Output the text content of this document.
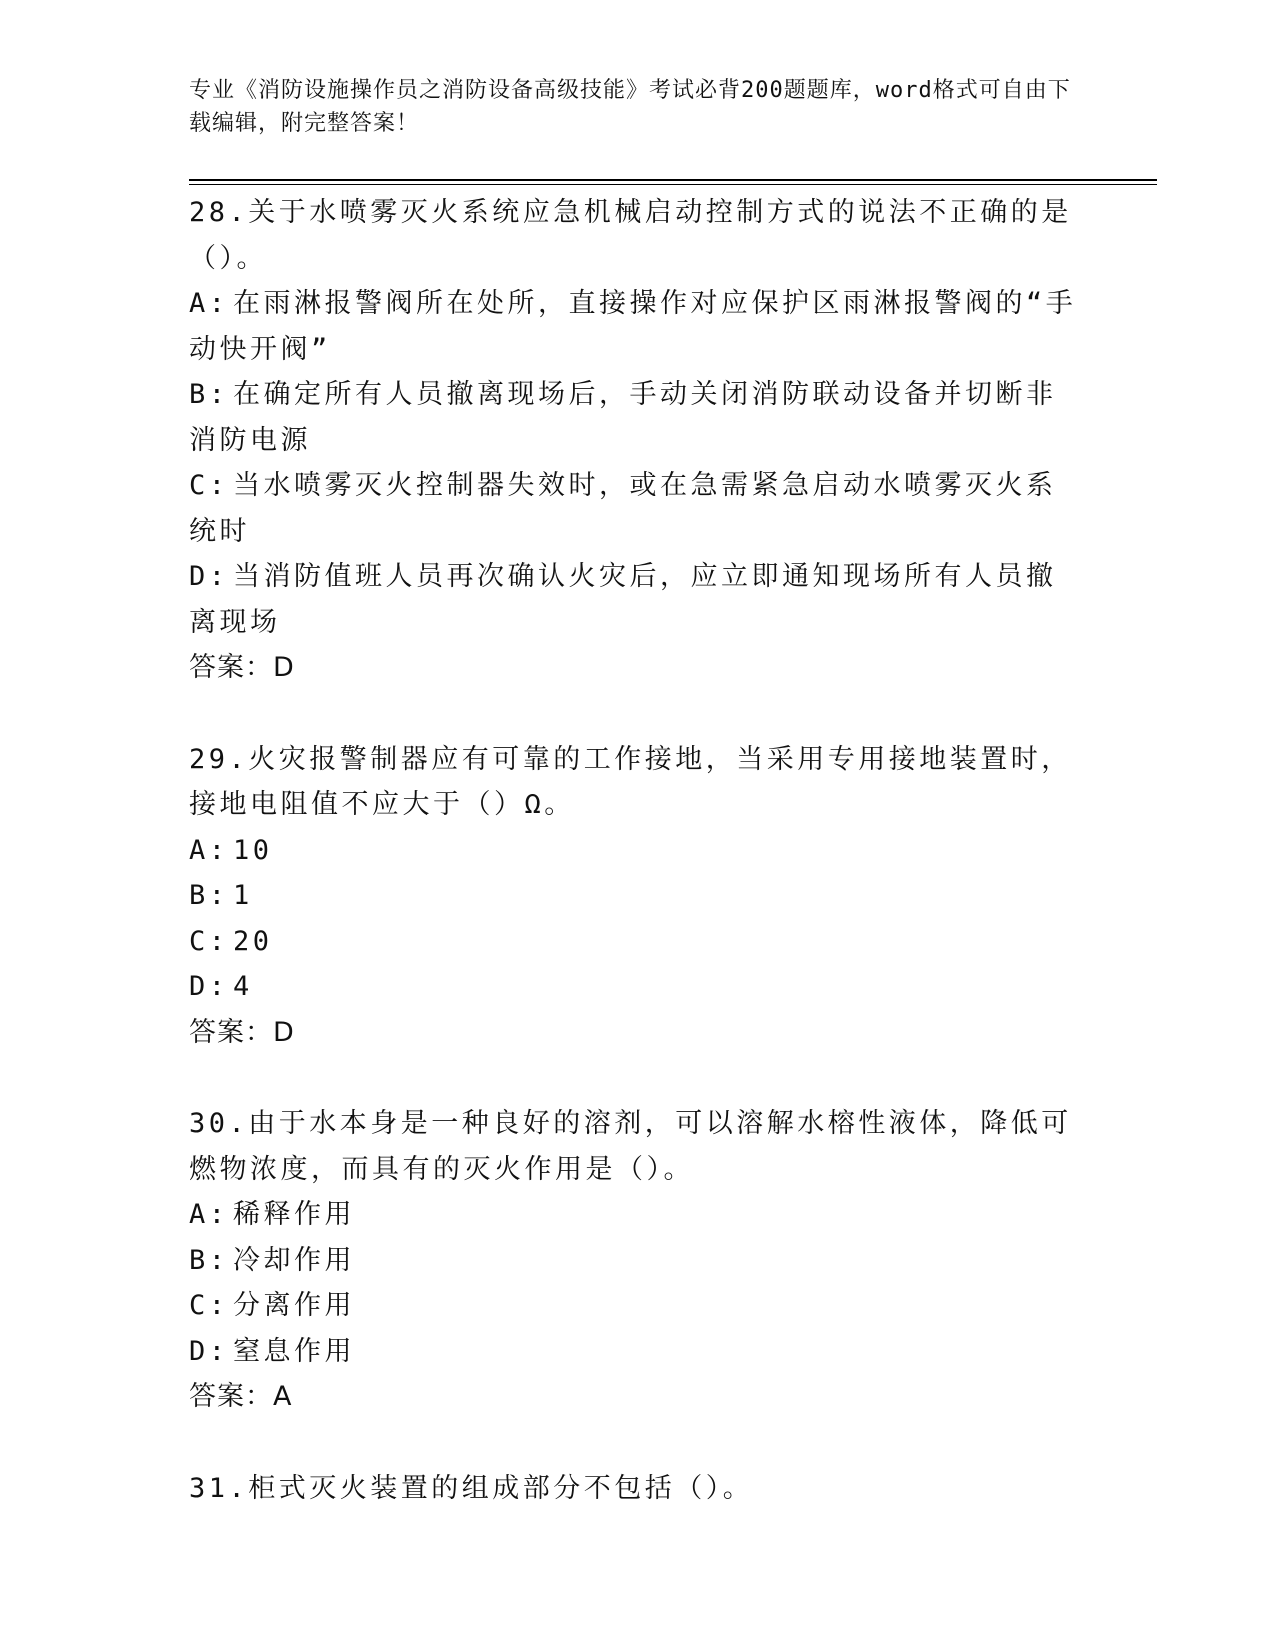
专业《消防设施操作员之消防设备高级技能》考试必背200题题库，word格式可自由下载编辑，附完整答案！

28.关于水喷雾灭火系统应急机械启动控制方式的说法不正确的是（）。

A: 在雨淋报警阀所在处所，直接操作对应保护区雨淋报警阀的“手动快开阀”

B: 在确定所有人员撤离现场后，手动关闭消防联动设备并切断非消防电源

C: 当水喷雾灭火控制器失效时，或在急需紧急启动水喷雾灭火系统时

D: 当消防值班人员再次确认火灾后，应立即通知现场所有人员撤离现场

答案：D

29.火灾报警制器应有可靠的工作接地，当采用专用接地装置时，接地电阻值不应大于（）Ω。

A: 10

B: 1

C: 20

D: 4

答案：D

30.由于水本身是一种良好的溶剂，可以溶解水榕性液体，降低可燃物浓度，而具有的灭火作用是（）。

A: 稀释作用

B: 冷却作用

C: 分离作用

D: 窒息作用

答案：A

31.柜式灭火装置的组成部分不包括（）。
